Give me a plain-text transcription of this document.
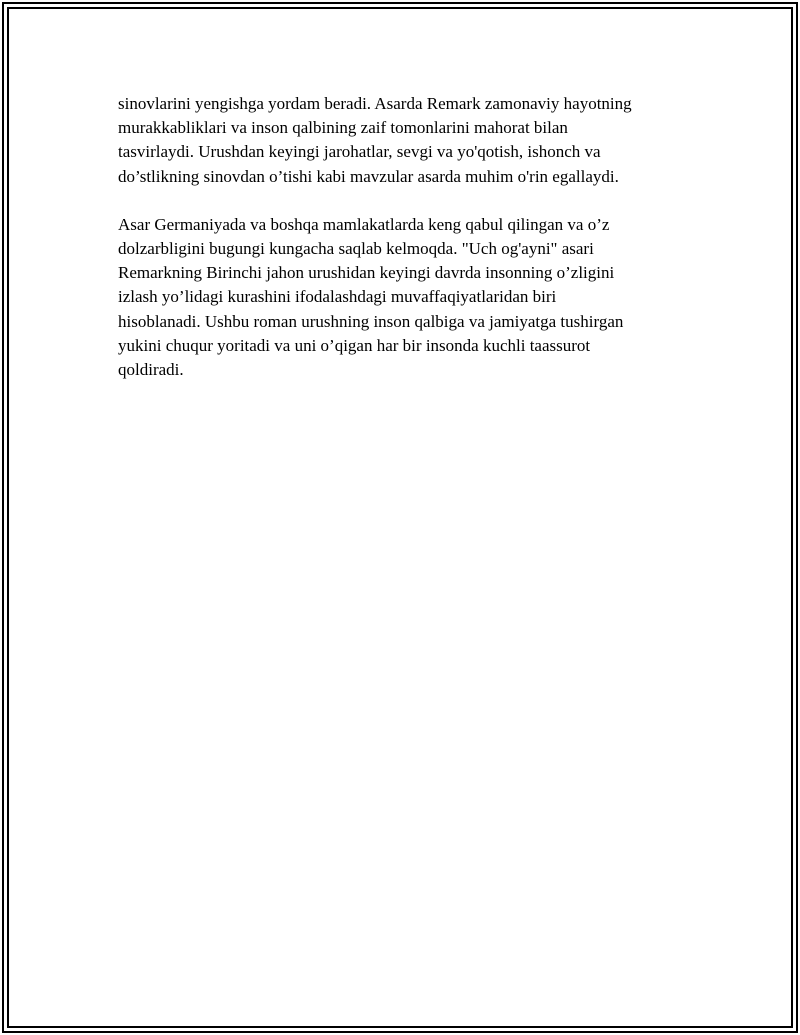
sinovlarini yengishga yordam beradi. Asarda Remark zamonaviy hayotning
murakkabliklari va inson qalbining zaif tomonlarini mahorat bilan
tasvirlaydi. Urushdan keyingi jarohatlar, sevgi va yo'qotish, ishonch va
do’stlikning sinovdan o’tishi kabi mavzular asarda muhim o'rin egallaydi.
Asar Germaniyada va boshqa mamlakatlarda keng qabul qilingan va o’z
dolzarbligini bugungi kungacha saqlab kelmoqda. "Uch og'ayni" asari
Remarkning Birinchi jahon urushidan keyingi davrda insonning o’zligini
izlash yo’lidagi kurashini ifodalashdagi muvaffaqiyatlaridan biri
hisoblanadi. Ushbu roman urushning inson qalbiga va jamiyatga tushirgan
yukini chuqur yoritadi va uni o’qigan har bir insonda kuchli taassurot
qoldiradi.
